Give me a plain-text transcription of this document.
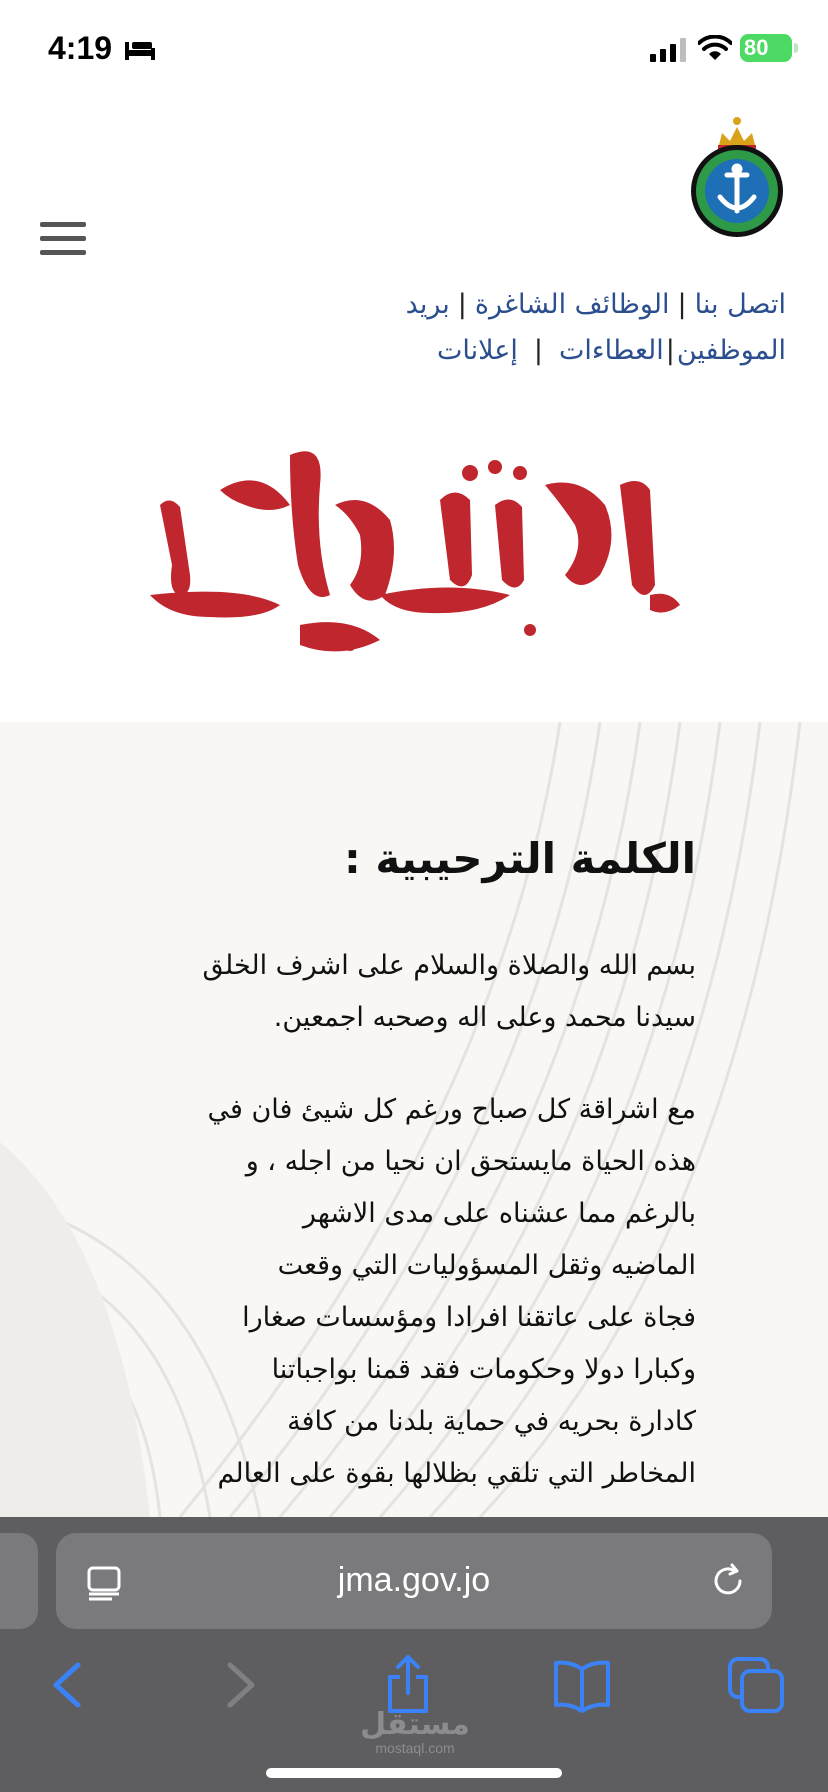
4:19	80
اتصل بنا|الوظائف الشاغرة|بريد
الموظفين|العطاءات|إعلانات
الكلمة الترحيبية :
بسم الله والصلاة والسلام على اشرف الخلق
سيدنا محمد وعلى اله وصحبه اجمعين.
مع اشراقة كل صباح ورغم كل شيئ فان في
هذه الحياة مايستحق ان نحيا من اجله ، و
بالرغم مما عشناه على مدى الاشهر
الماضيه وثقل المسؤوليات التي وقعت
فجاة على عاتقنا افرادا ومؤسسات صغارا
وكبارا دولا وحكومات فقد قمنا بواجباتنا
كادارة بحريه في حماية بلدنا من كافة
المخاطر التي تلقي بظلالها بقوة على العالم
jma.gov.jo
مستقل
mostaql.com
